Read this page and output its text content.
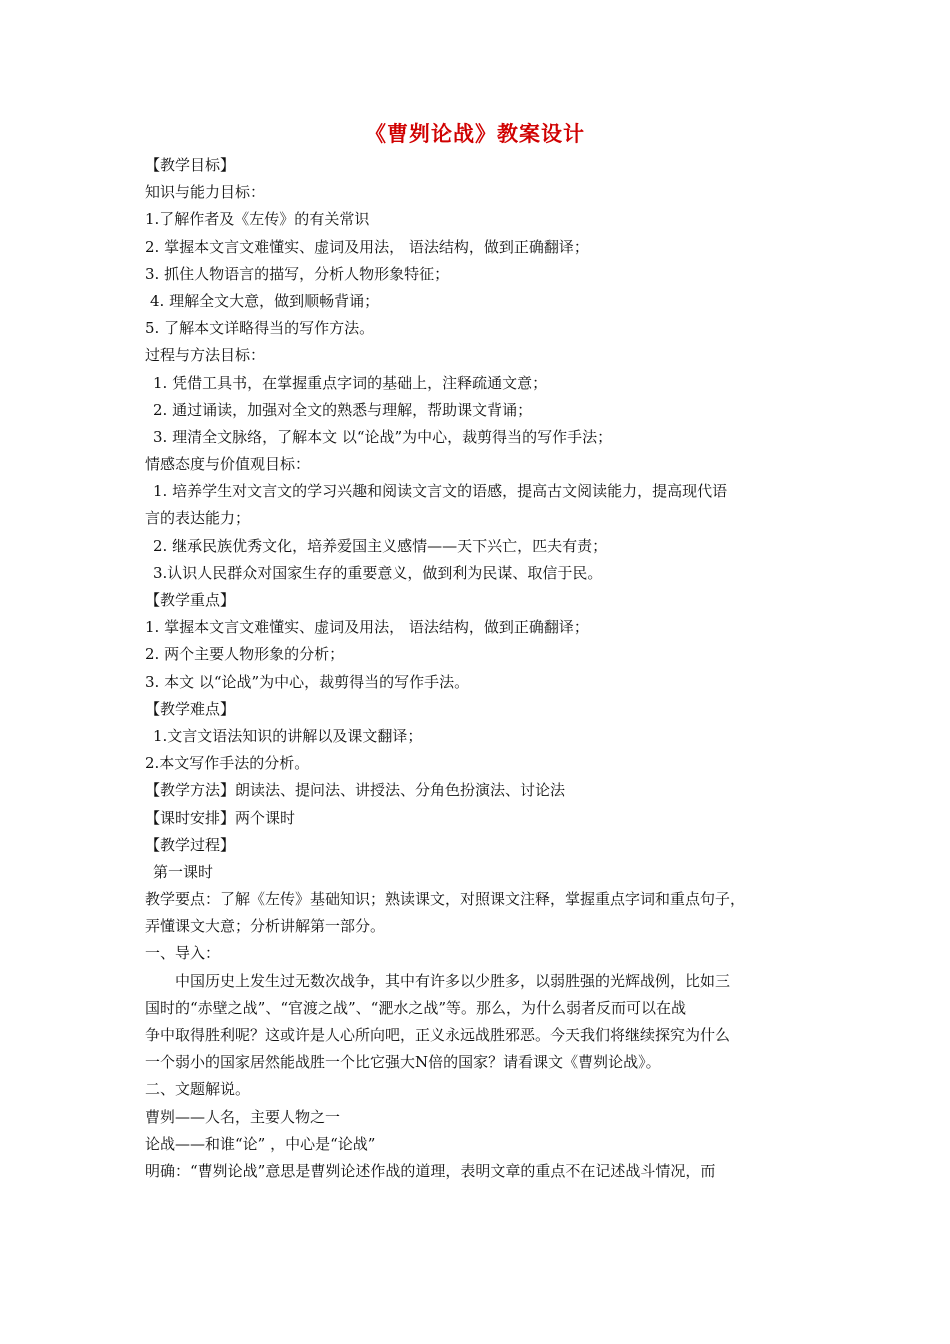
《曹刿论战》教案设计
【教学目标】
知识与能力目标：
1.了解作者及《左传》的有关常识
2. 掌握本文言文难懂实、虚词及用法， 语法结构，做到正确翻译；
3. 抓住人物语言的描写，分析人物形象特征；
4. 理解全文大意，做到顺畅背诵；
5. 了解本文详略得当的写作方法。
过程与方法目标：
1. 凭借工具书，在掌握重点字词的基础上，注释疏通文意；
2. 通过诵读，加强对全文的熟悉与理解，帮助课文背诵；
3. 理清全文脉络，了解本文 以“论战”为中心，裁剪得当的写作手法；
情感态度与价值观目标：
1. 培养学生对文言文的学习兴趣和阅读文言文的语感，提高古文阅读能力，提高现代语
言的表达能力；
2. 继承民族优秀文化，培养爱国主义感情——天下兴亡，匹夫有责；
3.认识人民群众对国家生存的重要意义，做到利为民谋、取信于民。
【教学重点】
1. 掌握本文言文难懂实、虚词及用法， 语法结构，做到正确翻译；
2. 两个主要人物形象的分析；
3. 本文 以“论战”为中心，裁剪得当的写作手法。
【教学难点】
1.文言文语法知识的讲解以及课文翻译；
2.本文写作手法的分析。
【教学方法】朗读法、提问法、讲授法、分角色扮演法、讨论法
【课时安排】两个课时
【教学过程】
第一课时
教学要点：了解《左传》基础知识；熟读课文，对照课文注释，掌握重点字词和重点句子，
弄懂课文大意；分析讲解第一部分。
一、导入：
中国历史上发生过无数次战争，其中有许多以少胜多，以弱胜强的光辉战例，比如三
国时的“赤壁之战”、“官渡之战”、“淝水之战”等。那么，为什么弱者反而可以在战
争中取得胜利呢？这或许是人心所向吧，正义永远战胜邪恶。今天我们将继续探究为什么
一个弱小的国家居然能战胜一个比它强大N倍的国家？请看课文《曹刿论战》。
二、文题解说。
曹刿——人名，主要人物之一
论战——和谁“论” ，中心是“论战”
明确：“曹刿论战”意思是曹刿论述作战的道理，表明文章的重点不在记述战斗情况，而
